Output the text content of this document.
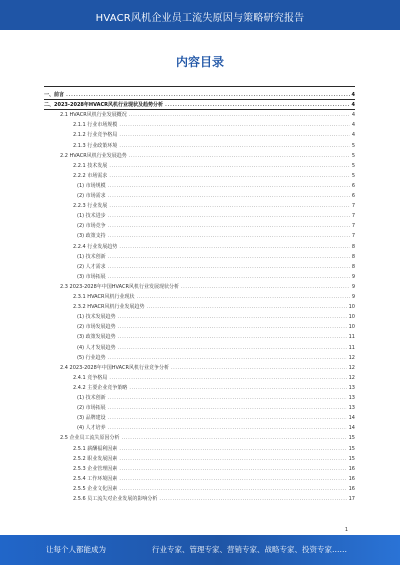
HVACR风机企业员工流失原因与策略研究报告
内容目录
一、前言 .....	4
二、2023-2028年HVACR风机行业现状及趋势分析 .....	4
2.1 HVACR风机行业发展概况 .....	4
2.1.1 行业市场规模 .....	4
2.1.2 行业竞争格局 .....	4
2.1.3 行业政策环境 .....	5
2.2 HVACR风机行业发展趋势 .....	5
2.2.1 技术发展 .....	5
2.2.2 市场需求 .....	5
(1) 市场规模 .....	6
(2) 市场需求 .....	6
2.2.3 行业发展 .....	7
(1) 技术进步 .....	7
(2) 市场竞争 .....	7
(3) 政策支持 .....	7
2.2.4 行业发展趋势 .....	8
(1) 技术创新 .....	8
(2) 人才需求 .....	8
(3) 市场拓展 .....	9
2.3 2023-2028年中国HVACR风机行业发展现状分析 .....	9
2.3.1 HVACR风机行业现状 .....	9
2.3.2 HVACR风机行业发展趋势 .....	10
(1) 技术发展趋势 .....	10
(2) 市场发展趋势 .....	10
(3) 政策发展趋势 .....	11
(4) 人才发展趋势 .....	11
(5) 行业趋势 .....	12
2.4 2023-2028年中国HVACR风机行业竞争分析 .....	12
2.4.1 竞争格局 .....	12
2.4.2 主要企业竞争策略 .....	13
(1) 技术创新 .....	13
(2) 市场拓展 .....	13
(3) 品牌建设 .....	14
(4) 人才培养 .....	14
2.5 企业员工流失原因分析 .....	15
2.5.1 薪酬福利因素 .....	15
2.5.2 职业发展因素 .....	15
2.5.3 企业管理因素 .....	16
2.5.4 工作环境因素 .....	16
2.5.5 企业文化因素 .....	16
2.5.6 员工流失对企业发展的影响分析 .....	17
1
让每个人都能成为	行业专家、管理专家、营销专家、战略专家、投资专家……
